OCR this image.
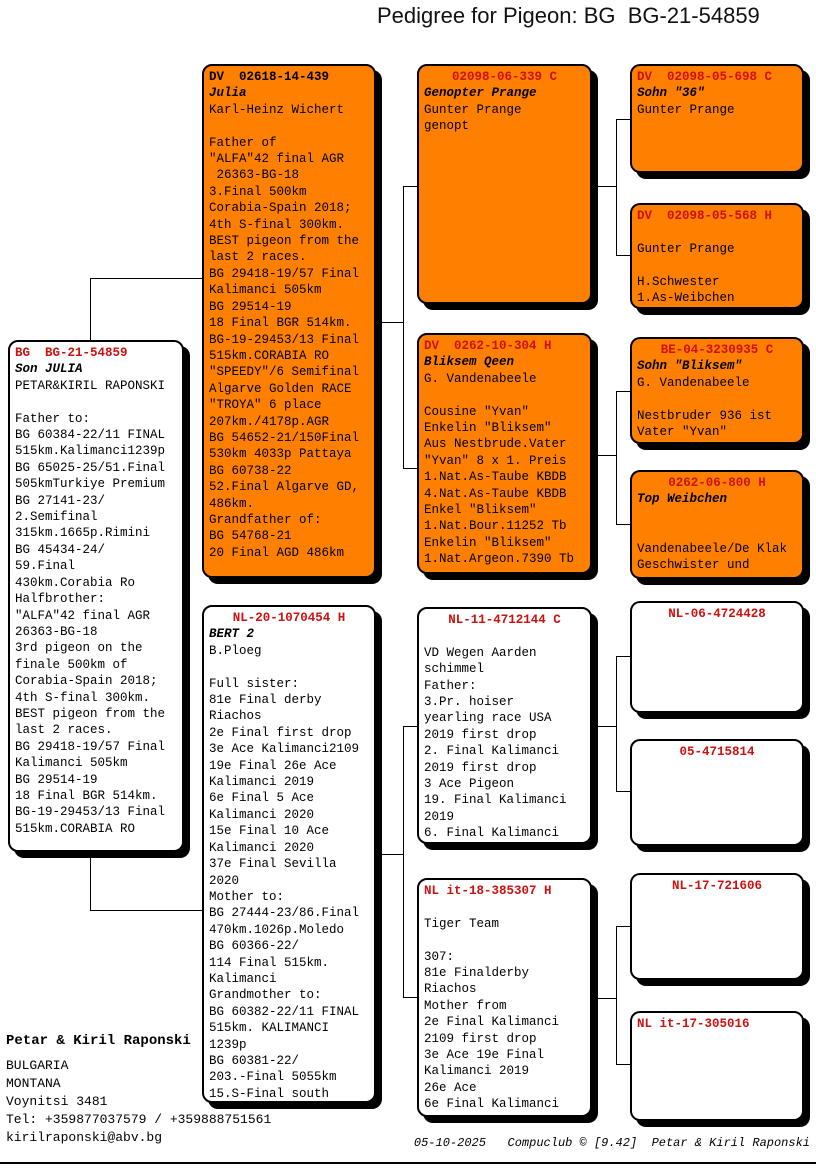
Pedigree for Pigeon: BG  BG-21-54859
BG  BG-21-54859
Son JULIA
PETAR&KIRIL RAPONSKI

Father to:
BG 60384-22/11 FINAL
515km.Kalimanci1239p
BG 65025-25/51.Final
505kmTurkiye Premium
BG 27141-23/
2.Semifinal
315km.1665p.Rimini
BG 45434-24/
59.Final
430km.Corabia Ro
Halfbrother:
"ALFA"42 final AGR
26363-BG-18
3rd pigeon on the
finale 500km of
Corabia-Spain 2018;
4th S-final 300km.
BEST pigeon from the
last 2 races.
BG 29418-19/57 Final
Kalimanci 505km
BG 29514-19
18 Final BGR 514km.
BG-19-29453/13 Final
515km.CORABIA RO
DV  02618-14-439
Julia
Karl-Heinz Wichert

Father of
"ALFA"42 final AGR
26363-BG-18
3.Final 500km
Corabia-Spain 2018;
4th S-final 300km.
BEST pigeon from the
last 2 races.
BG 29418-19/57 Final
Kalimanci 505km
BG 29514-19
18 Final BGR 514km.
BG-19-29453/13 Final
515km.CORABIA RO
"SPEEDY"/6 Semifinal
Algarve Golden RACE
"TROYA" 6 place
207km./4178p.AGR
BG 54652-21/150Final
530km 4033p Pattaya
BG 60738-22
52.Final Algarve GD,
486km.
Grandfather of:
BG 54768-21
20 Final AGD 486km
NL-20-1070454 H
BERT 2
B.Ploeg

Full sister:
81e Final derby
Riachos
2e Final first drop
3e Ace Kalimanci2109
19e Final 26e Ace
Kalimanci 2019
6e Final 5 Ace
Kalimanci 2020
15e Final 10 Ace
Kalimanci 2020
37e Final Sevilla
2020
Mother to:
BG 27444-23/86.Final
470km.1026p.Moledo
BG 60366-22/
114 Final 515km.
Kalimanci
Grandmother to:
BG 60382-22/11 FINAL
515km. KALIMANCI
1239p
BG 60381-22/
203.-Final 5055km
15.S-Final south
02098-06-339 C
Genopter Prange
Gunter Prange
genopt
DV  0262-10-304 H
Bliksem Qeen
G. Vandenabeele

Cousine "Yvan"
Enkelin "Bliksem"
Aus Nestbrude.Vater
"Yvan" 8 x 1. Preis
1.Nat.As-Taube KBDB
4.Nat.As-Taube KBDB
Enkel "Bliksem"
1.Nat.Bour.11252 Tb
Enkelin "Bliksem"
1.Nat.Argeon.7390 Tb
NL-11-4712144 C

VD Wegen Aarden
schimmel
Father:
3.Pr. hoiser
yearling race USA
2019 first drop
2. Final Kalimanci
2019 first drop
3 Ace Pigeon
19. Final Kalimanci
2019
6. Final Kalimanci
NL it-18-385307 H

Tiger Team

307:
81e Finalderby
Riachos
Mother from
2e Final Kalimanci
2109 first drop
3e Ace 19e Final
Kalimanci 2019
26e Ace
6e Final Kalimanci
DV  02098-05-698 C
Sohn "36"
Gunter Prange
DV  02098-05-568 H

Gunter Prange

H.Schwester
1.As-Weibchen
BE-04-3230935 C
Sohn "Bliksem"
G. Vandenabeele

Nestbruder 936 ist
Vater "Yvan"
0262-06-800 H
Top Weibchen

Vandenabeele/De Klak
Geschwister und
NL-06-4724428
05-4715814
NL-17-721606
NL it-17-305016
Petar & Kiril Raponski
BULGARIA
MONTANA
Voynitsi 3481
Tel: +359877037579 / +359888751561
kirilraponski@abv.bg	05-10-2025 Compuclub © [9.42] Petar & Kiril Raponski
